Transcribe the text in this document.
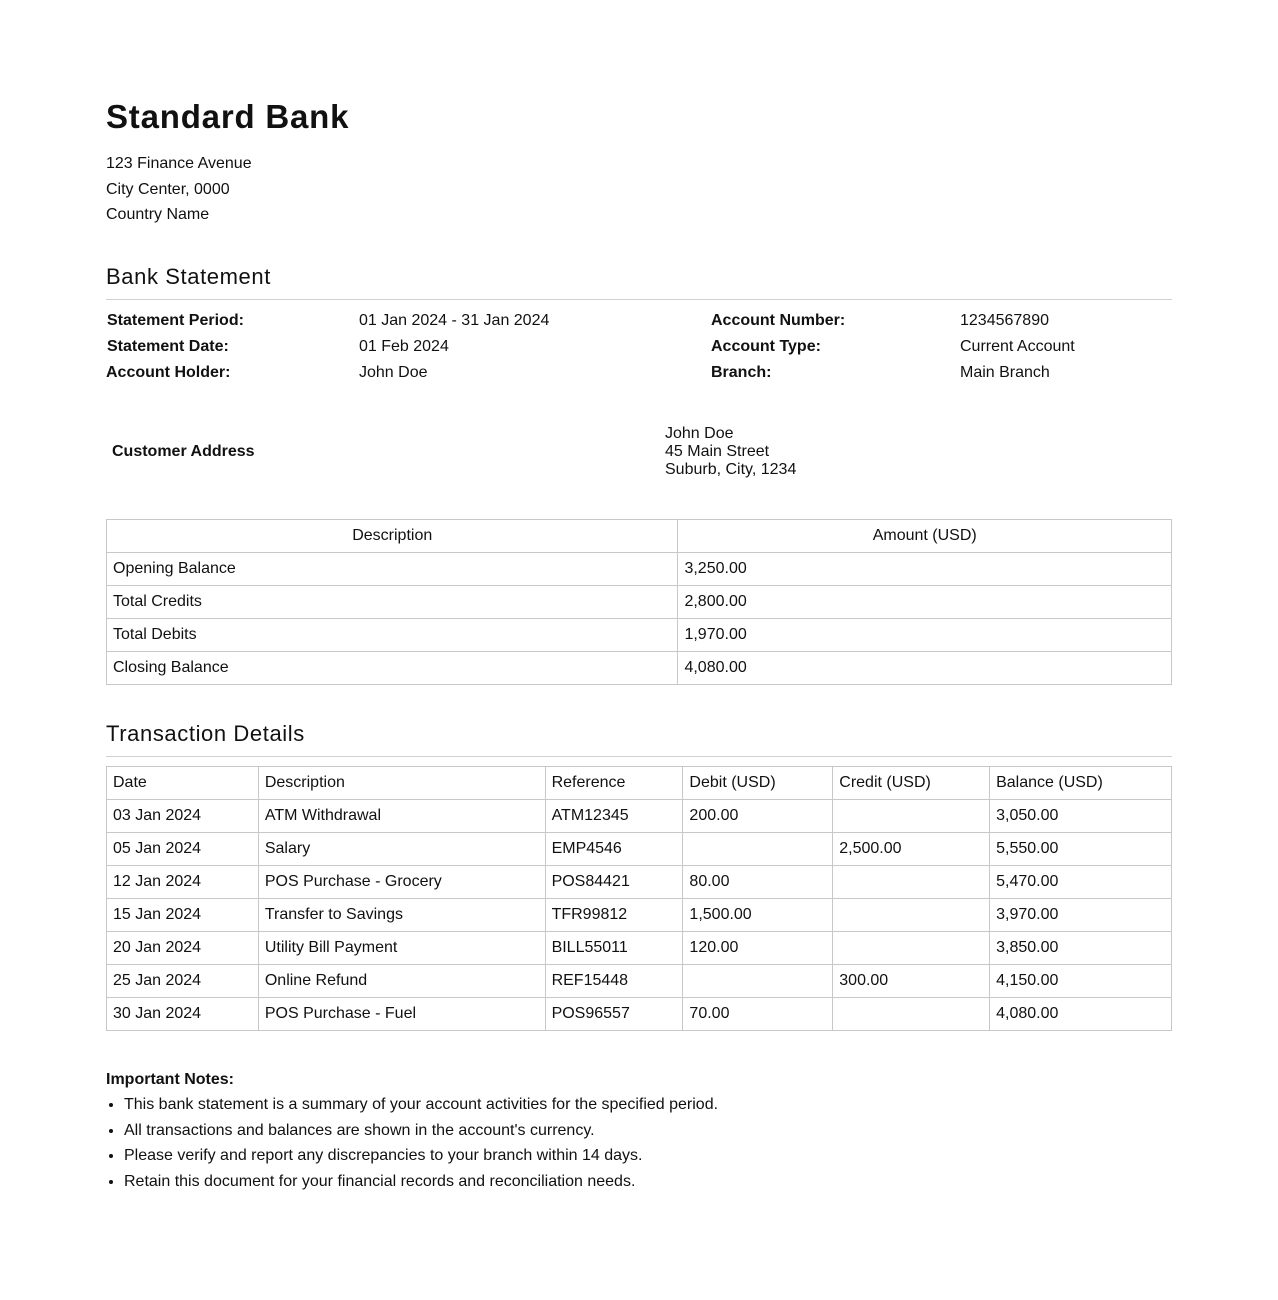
Standard Bank
123 Finance Avenue
City Center, 0000
Country Name
Bank Statement
Statement Period:	01 Jan 2024 - 31 Jan 2024
Statement Date:	01 Feb 2024
Account Holder:	John Doe
Account Number:	1234567890
Account Type:	Current Account
Branch:	Main Branch
Customer Address
John Doe
45 Main Street
Suburb, City, 1234
Description	Amount (USD)
Opening Balance	3,250.00
Total Credits	2,800.00
Total Debits	1,970.00
Closing Balance	4,080.00
Transaction Details
Date	Description	Reference	Debit (USD)	Credit (USD)	Balance (USD)
03 Jan 2024	ATM Withdrawal	ATM12345	200.00		3,050.00
05 Jan 2024	Salary	EMP4546		2,500.00	5,550.00
12 Jan 2024	POS Purchase - Grocery	POS84421	80.00		5,470.00
15 Jan 2024	Transfer to Savings	TFR99812	1,500.00		3,970.00
20 Jan 2024	Utility Bill Payment	BILL55011	120.00		3,850.00
25 Jan 2024	Online Refund	REF15448		300.00	4,150.00
30 Jan 2024	POS Purchase - Fuel	POS96557	70.00		4,080.00
Important Notes:
• This bank statement is a summary of your account activities for the specified period.
• All transactions and balances are shown in the account's currency.
• Please verify and report any discrepancies to your branch within 14 days.
• Retain this document for your financial records and reconciliation needs.
